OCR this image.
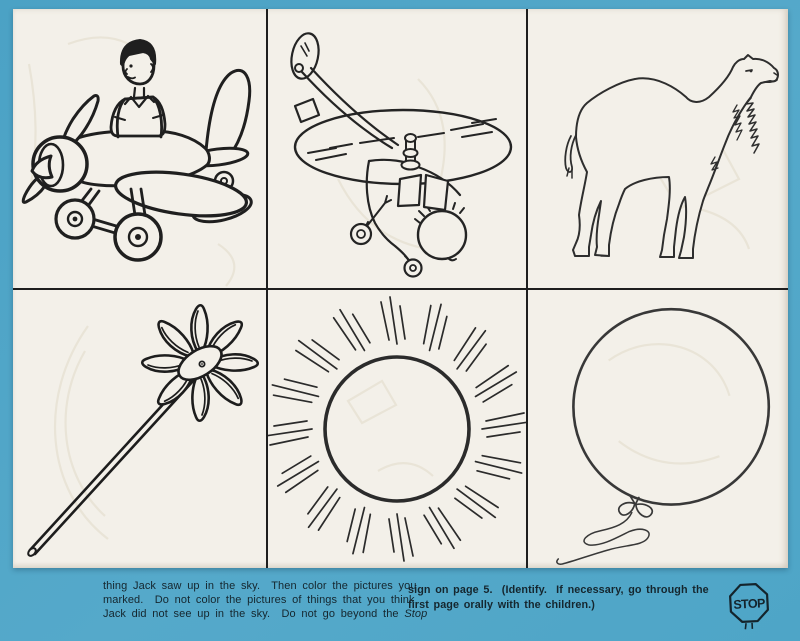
thing Jack saw up in the sky.  Then color the pictures you
marked.  Do not color the pictures of things that you think
Jack did not see up in the sky.  Do not go beyond the Stop
sign on page 5.  (Identify.  If necessary, go through the
first page orally with the children.)	STOP
